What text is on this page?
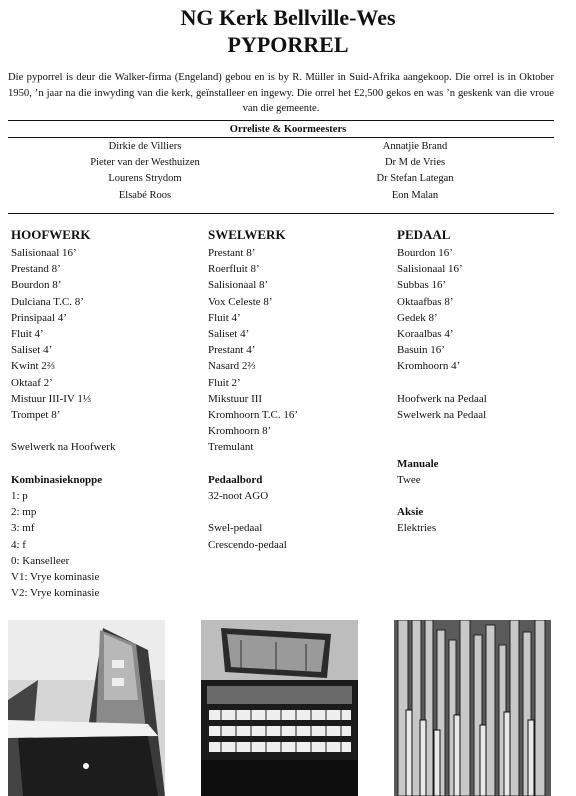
NG Kerk Bellville-Wes
PYPORREL
Die pyporrel is deur die Walker-firma (Engeland) gebou en is by R. Müller in Suid-Afrika aangekoop. Die orrel is in Oktober 1950, ’n jaar na die inwyding van die kerk, geïnstalleer en ingewy. Die orrel het £2,500 gekos en was ’n geskenk van die vroue van die gemeente.
Orreliste & Koormeesters
Dirkie de Villiers
Pieter van der Westhuizen
Lourens Strydom
Elsabé Roos
Annatjie Brand
Dr M de Vries
Dr Stefan Lategan
Eon Malan
HOOFWERK
Salisionaal 16’
Prestand 8’
Bourdon 8’
Dulciana T.C. 8’
Prinsipaal 4’
Fluit 4’
Saliset 4’
Kwint 2⅔
Oktaaf 2’
Mistuur III-IV 1⅓
Trompet 8’
Swelwerk na Hoofwerk
Kombinasieknoppe
1: p
2: mp
3: mf
4: f
0: Kanselleer
V1: Vrye kominasie
V2: Vrye kominasie
SWELWERK
Prestant 8’
Roerfluit 8’
Salisionaal 8’
Vox Celeste 8’
Fluit 4’
Saliset 4’
Prestant 4’
Nasard 2⅔
Fluit 2’
Mikstuur III
Kromhoorn T.C. 16’
Kromhoorn 8’
Tremulant
Pedaalbord
32-noot AGO
Swel-pedaal
Crescendo-pedaal
PEDAAL
Bourdon 16’
Salisionaal 16’
Subbas 16’
Oktaafbas 8’
Gedek 8’
Koraalbas 4’
Basuin 16’
Kromhoorn 4’
Hoofwerk na Pedaal
Swelwerk na Pedaal
Manuale
Twee
Aksie
Elektries
